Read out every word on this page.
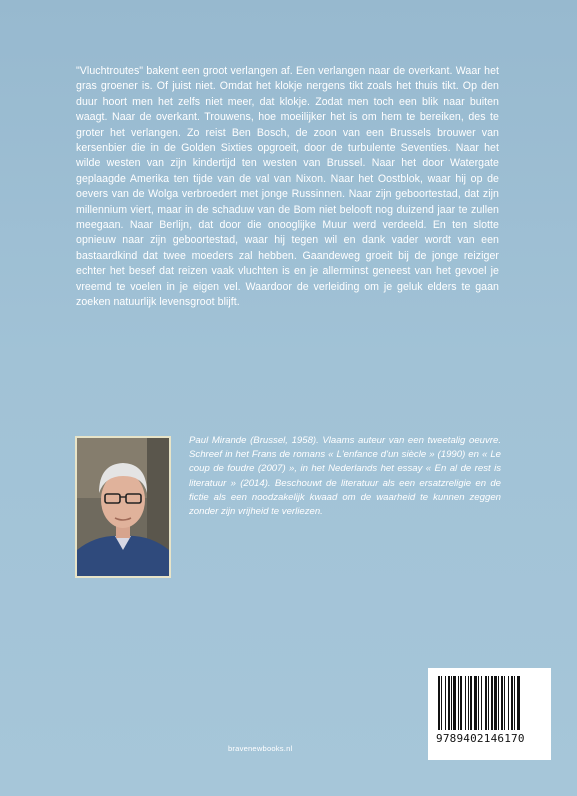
"Vluchtroutes" bakent een groot verlangen af. Een verlangen naar de overkant. Waar het gras groener is. Of juist niet. Omdat het klokje nergens tikt zoals het thuis tikt. Op den duur hoort men het zelfs niet meer, dat klokje. Zodat men toch een blik naar buiten waagt. Naar de overkant. Trouwens, hoe moeilijker het is om hem te bereiken, des te groter het verlangen. Zo reist Ben Bosch, de zoon van een Brussels brouwer van kersenbier die in de Golden Sixties opgroeit, door de turbulente Seventies. Naar het wilde westen van zijn kindertijd ten westen van Brussel. Naar het door Watergate geplaagde Amerika ten tijde van de val van Nixon. Naar het Oostblok, waar hij op de oevers van de Wolga verbroedert met jonge Russinnen. Naar zijn geboortestad, dat zijn millennium viert, maar in de schaduw van de Bom niet belooft nog duizend jaar te zullen meegaan. Naar Berlijn, dat door die onooglijke Muur werd verdeeld. En ten slotte opnieuw naar zijn geboortestad, waar hij tegen wil en dank vader wordt van een bastaardkind dat twee moeders zal hebben. Gaandeweg groeit bij de jonge reiziger echter het besef dat reizen vaak vluchten is en je allerminst geneest van het gevoel je vreemd te voelen in je eigen vel. Waardoor de verleiding om je geluk elders te gaan zoeken natuurlijk levensgroot blijft.

Paul Mirande (Brussel, 1958). Vlaams auteur van een tweetalig oeuvre. Schreef in het Frans de romans « L'enfance d'un siècle » (1990) en « Le coup de foudre (2007) », in het Nederlands het essay « En al de rest is literatuur » (2014). Beschouwt de literatuur als een ersatzreligie en de fictie als een noodzakelijk kwaad om de waarheid te kunnen zeggen zonder zijn vrijheid te verliezen.

9789402146170
bravenewbooks.nl
